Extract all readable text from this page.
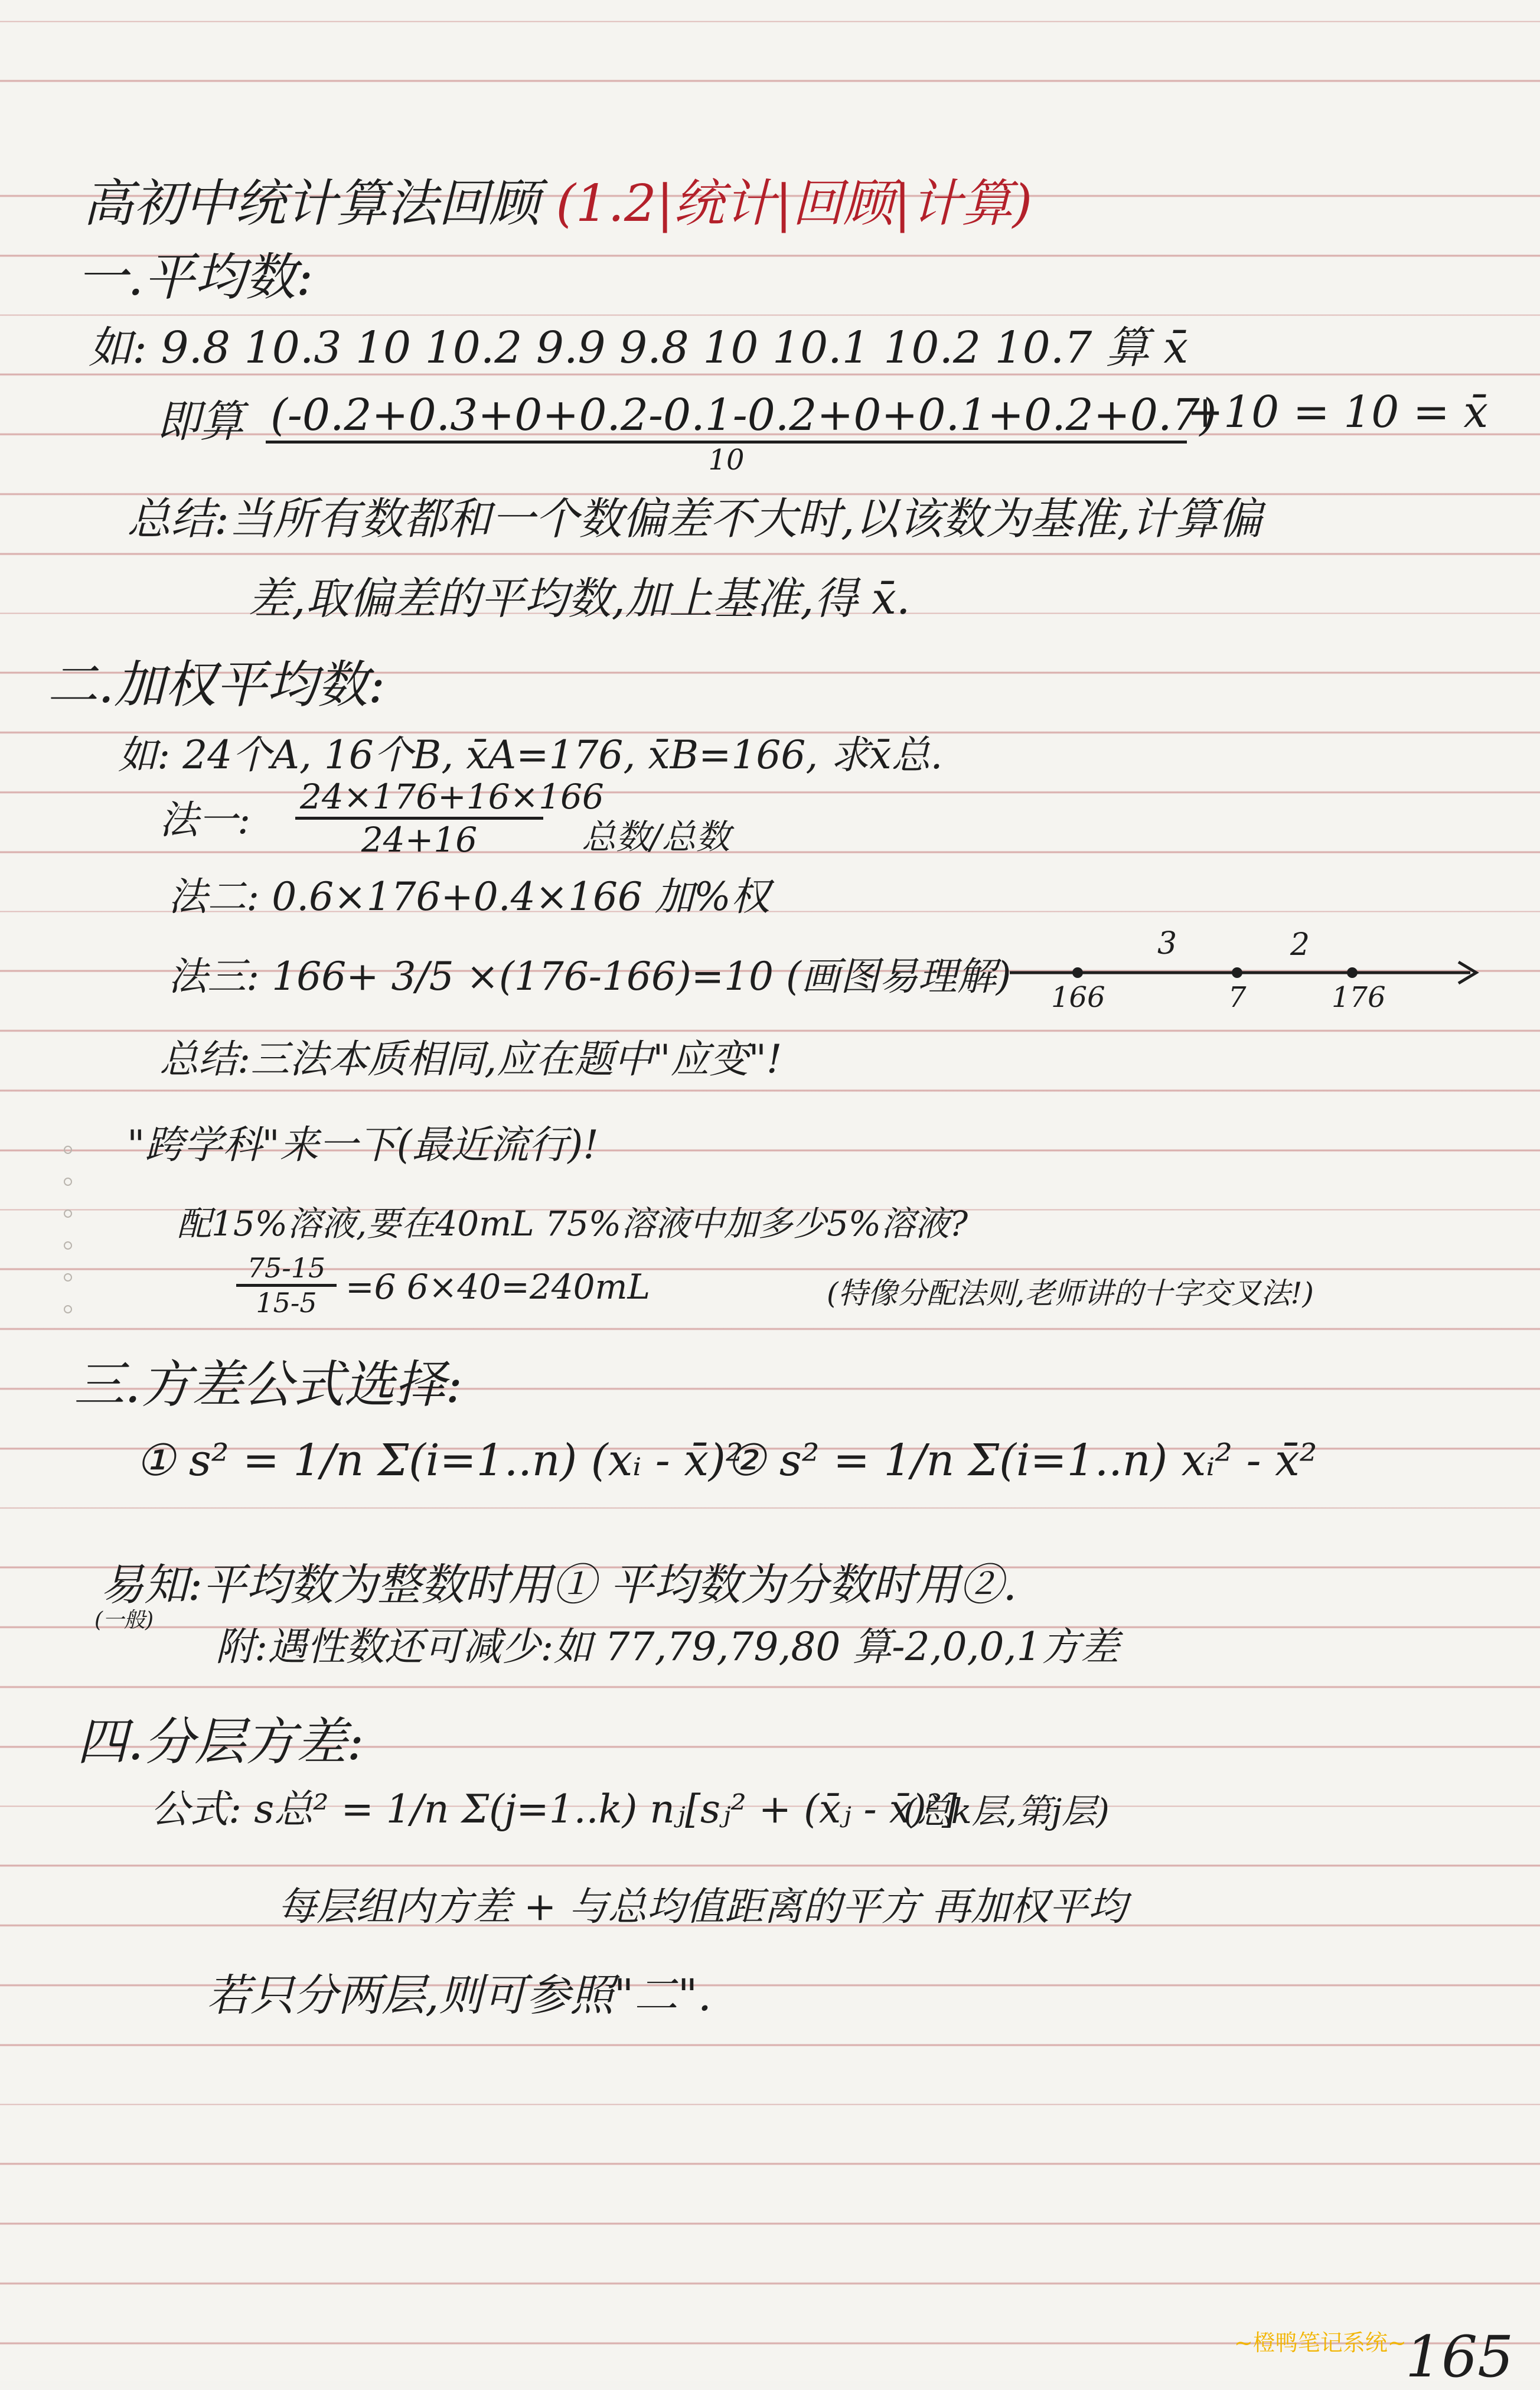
高初中统计算法回顾 (1.2|统计|回顾|计算)
一.平均数:
如: 9.8 10.3 10 10.2 9.9 9.8 10 10.1 10.2 10.7 算 x̄
即算 (-0.2+0.3+0+0.2-0.1-0.2+0+0.1+0.2+0.7)
10
+10 = 10 = x̄
总结:当所有数都和一个数偏差不大时,以该数为基准,计算偏
差,取偏差的平均数,加上基准,得 x̄.
二.加权平均数:
如: 24个A, 16个B, x̄A=176, x̄B=166, 求x̄总.
法一: $\frac{24\times 176+16\times 166}{24+16}$ 总数/总数
法二: 0.6×176+0.4×166 加%权
法三: 166+ 3/5 ×(176-166)=10 (画图易理解)
3	2
166	7	176
总结:三法本质相同,应在题中"应变"!
"跨学科"来一下(最近流行)!
配15%溶液,要在40mL 75%溶液中加多少5%溶液?
$\frac{75-15}{15-5} =6$ 6×40=240mL	(特像分配法则,老师讲的十字交叉法!)
三.方差公式选择:
① s² = 1/n Σ(i=1..n) (xᵢ - x̄)²
② s² = 1/n Σ(i=1..n) xᵢ² - x̄²
易知:平均数为整数时用① 平均数为分数时用②.
(一般)
附:遇性数还可减少:如 77,79,79,80 算-2,0,0,1方差
四.分层方差:
公式: s总² = 1/n Σ(j=1..k) nⱼ[sⱼ² + (x̄ⱼ - x̄)²]
(总k层,第j层)
每层组内方差 + 与总均值距离的平方 再加权平均
若只分两层,则可参照"二".
~橙鸭笔记系统~
165
